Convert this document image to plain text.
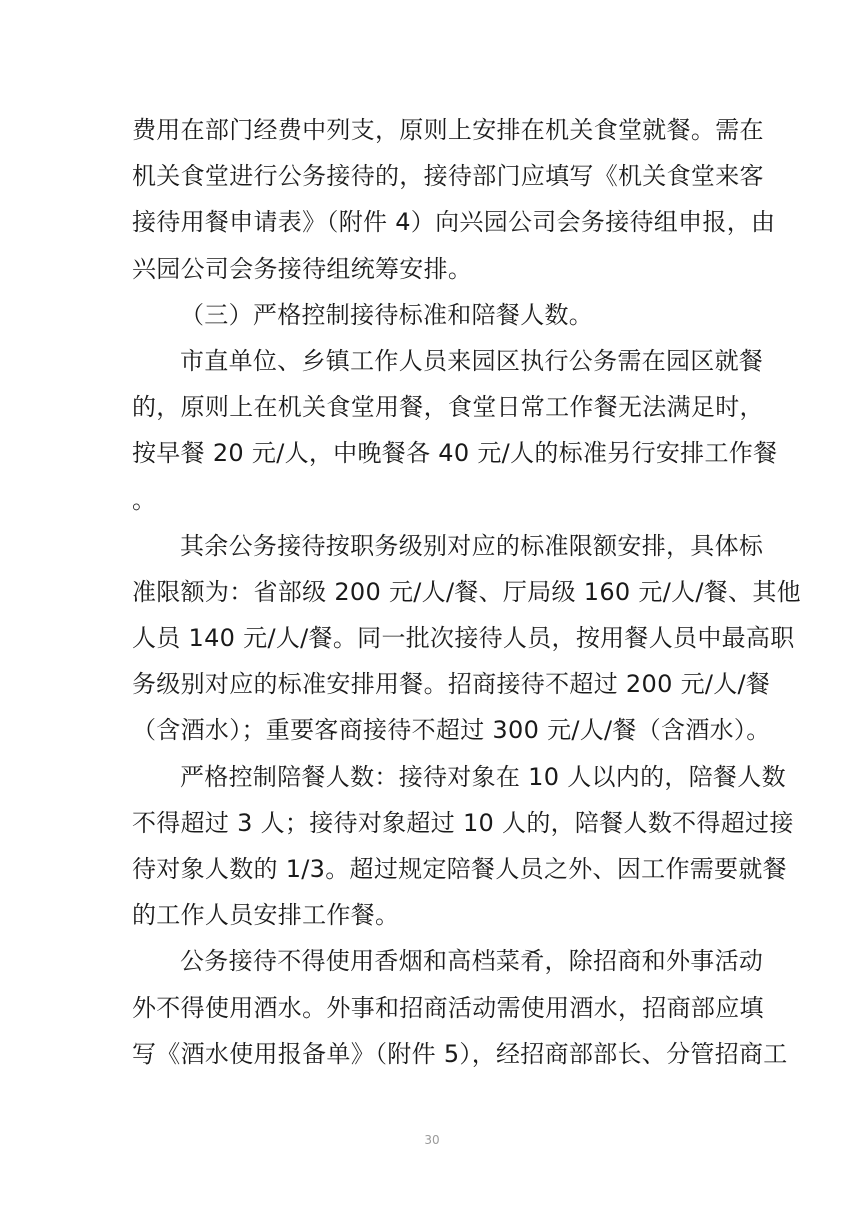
费用在部门经费中列支，原则上安排在机关食堂就餐。需在
机关食堂进行公务接待的，接待部门应填写《机关食堂来客
接待用餐申请表》（附件 4）向兴园公司会务接待组申报，由
兴园公司会务接待组统筹安排。
（三）严格控制接待标准和陪餐人数。
市直单位、乡镇工作人员来园区执行公务需在园区就餐
的，原则上在机关食堂用餐，食堂日常工作餐无法满足时，
按早餐 20 元/人，中晚餐各 40 元/人的标准另行安排工作餐
。
其余公务接待按职务级别对应的标准限额安排，具体标
准限额为：省部级 200 元/人/餐、厅局级 160 元/人/餐、其他
人员 140 元/人/餐。同一批次接待人员，按用餐人员中最高职
务级别对应的标准安排用餐。招商接待不超过 200 元/人/餐
（含酒水）；重要客商接待不超过 300 元/人/餐（含酒水）。
严格控制陪餐人数：接待对象在 10 人以内的，陪餐人数
不得超过 3 人；接待对象超过 10 人的，陪餐人数不得超过接
待对象人数的 1/3。超过规定陪餐人员之外、因工作需要就餐
的工作人员安排工作餐。
公务接待不得使用香烟和高档菜肴，除招商和外事活动
外不得使用酒水。外事和招商活动需使用酒水，招商部应填
写《酒水使用报备单》（附件 5），经招商部部长、分管招商工
30
